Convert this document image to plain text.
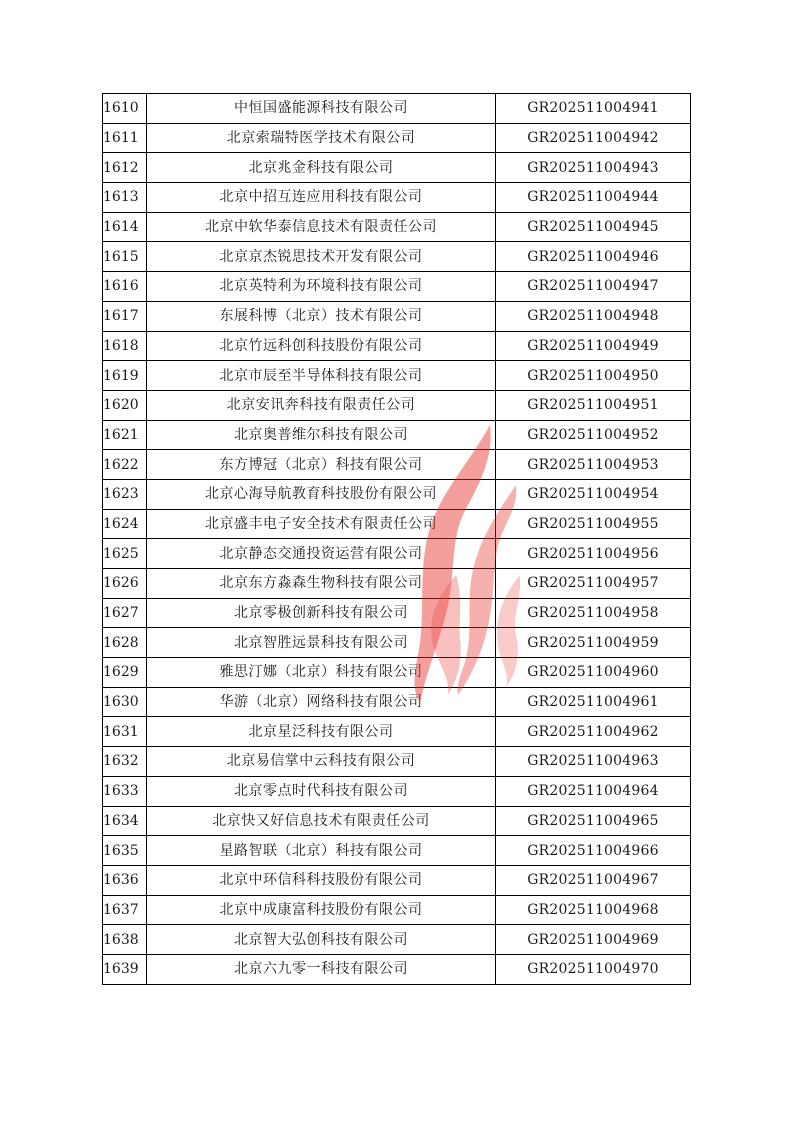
1610	中恒国盛能源科技有限公司	GR202511004941
1611	北京索瑞特医学技术有限公司	GR202511004942
1612	北京兆金科技有限公司	GR202511004943
1613	北京中招互连应用科技有限公司	GR202511004944
1614	北京中软华泰信息技术有限责任公司	GR202511004945
1615	北京京杰锐思技术开发有限公司	GR202511004946
1616	北京英特利为环境科技有限公司	GR202511004947
1617	东展科博（北京）技术有限公司	GR202511004948
1618	北京竹远科创科技股份有限公司	GR202511004949
1619	北京市辰至半导体科技有限公司	GR202511004950
1620	北京安讯奔科技有限责任公司	GR202511004951
1621	北京奥普维尔科技有限公司	GR202511004952
1622	东方博冠（北京）科技有限公司	GR202511004953
1623	北京心海导航教育科技股份有限公司	GR202511004954
1624	北京盛丰电子安全技术有限责任公司	GR202511004955
1625	北京静态交通投资运营有限公司	GR202511004956
1626	北京东方淼森生物科技有限公司	GR202511004957
1627	北京零极创新科技有限公司	GR202511004958
1628	北京智胜远景科技有限公司	GR202511004959
1629	雅思汀娜（北京）科技有限公司	GR202511004960
1630	华游（北京）网络科技有限公司	GR202511004961
1631	北京星泛科技有限公司	GR202511004962
1632	北京易信掌中云科技有限公司	GR202511004963
1633	北京零点时代科技有限公司	GR202511004964
1634	北京快又好信息技术有限责任公司	GR202511004965
1635	星路智联（北京）科技有限公司	GR202511004966
1636	北京中环信科科技股份有限公司	GR202511004967
1637	北京中成康富科技股份有限公司	GR202511004968
1638	北京智大弘创科技有限公司	GR202511004969
1639	北京六九零一科技有限公司	GR202511004970
